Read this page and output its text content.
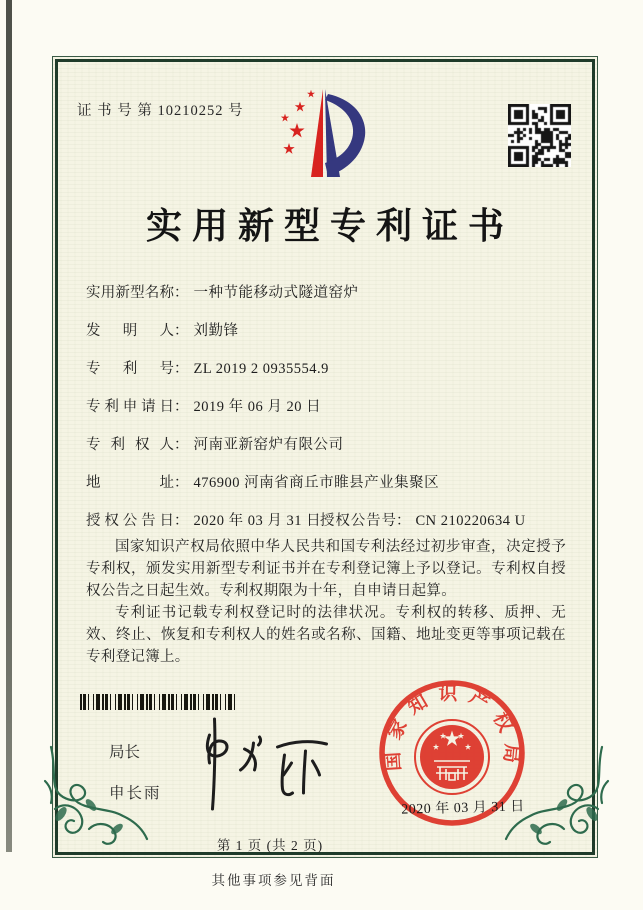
证 书 号 第 10210252 号
实用新型专利证书
实用新型名称： 一种节能移动式隧道窑炉
发明人： 刘勤锋
专利号： ZL 2019 2 0935554.9
专利申请日： 2019 年 06 月 20 日
专利权人： 河南亚新窑炉有限公司
地址： 476900 河南省商丘市睢县产业集聚区
授权公告日： 2020 年 03 月 31 日
授权公告号： CN 210220634 U

国家知识产权局依照中华人民共和国专利法经过初步审查，决定授予专利权，颁发实用新型专利证书并在专利登记簿上予以登记。专利权自授权公告之日起生效。专利权期限为十年，自申请日起算。

专利证书记载专利权登记时的法律状况。专利权的转移、质押、无效、终止、恢复和专利权人的姓名或名称、国籍、地址变更等事项记载在专利登记簿上。

局长
申长雨
国家知识产权局
2020 年 03 月 31 日
第 1 页 (共 2 页)
其他事项参见背面
